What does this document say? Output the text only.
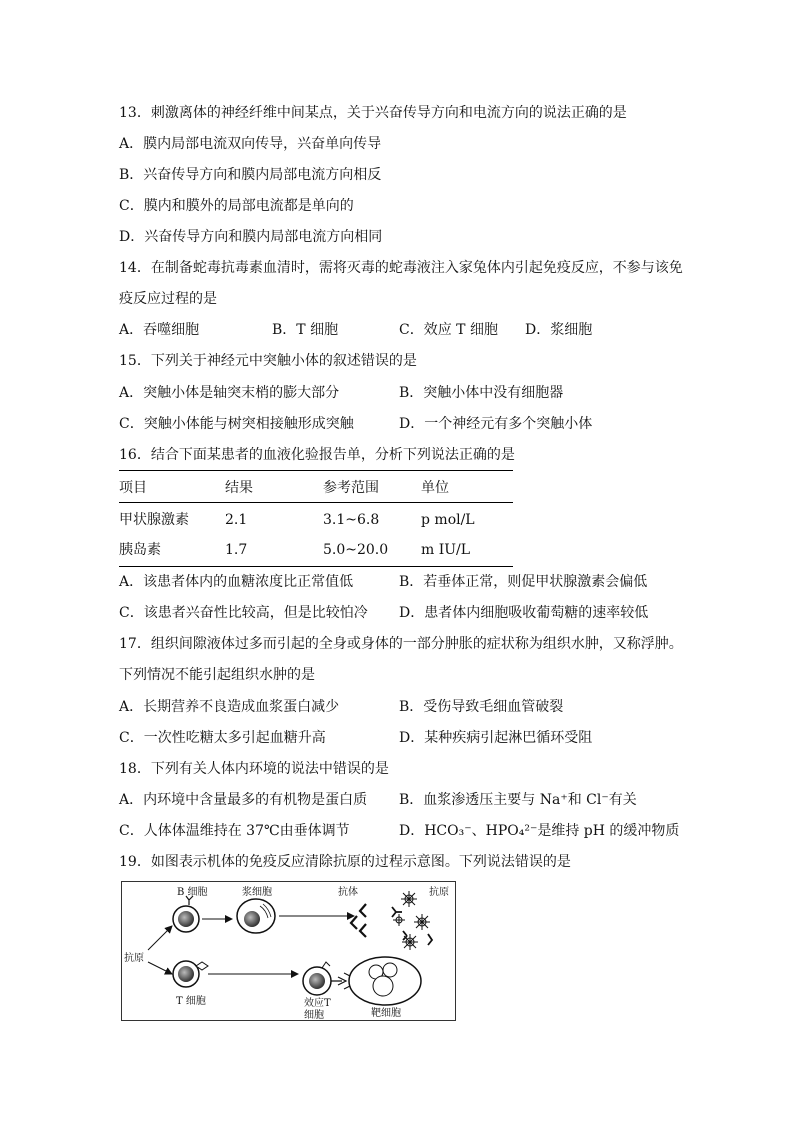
13．刺激离体的神经纤维中间某点，关于兴奋传导方向和电流方向的说法正确的是
A．膜内局部电流双向传导，兴奋单向传导
B．兴奋传导方向和膜内局部电流方向相反
C．膜内和膜外的局部电流都是单向的
D．兴奋传导方向和膜内局部电流方向相同
14．在制备蛇毒抗毒素血清时，需将灭毒的蛇毒液注入家兔体内引起免疫反应，不参与该免
疫反应过程的是
A．吞噬细胞	B．T 细胞	C．效应 T 细胞 D．浆细胞
15．下列关于神经元中突触小体的叙述错误的是
A．突触小体是轴突末梢的膨大部分	B．突触小体中没有细胞器
C．突触小体能与树突相接触形成突触	D．一个神经元有多个突触小体
16．结合下面某患者的血液化验报告单，分析下列说法正确的是
项目	结果	参考范围	单位
甲状腺激素	2.1	3.1~6.8	p mol/L
胰岛素	1.7	5.0~20.0 m IU/L
A．该患者体内的血糖浓度比正常值低	B．若垂体正常，则促甲状腺激素会偏低
C．该患者兴奋性比较高，但是比较怕冷 D．患者体内细胞吸收葡萄糖的速率较低
17．组织间隙液体过多而引起的全身或身体的一部分肿胀的症状称为组织水肿，又称浮肿。
下列情况不能引起组织水肿的是
A．长期营养不良造成血浆蛋白减少	B．受伤导致毛细血管破裂
C．一次性吃糖太多引起血糖升高	D．某种疾病引起淋巴循环受阻
18．下列有关人体内环境的说法中错误的是
A．内环境中含量最多的有机物是蛋白质 B．血浆渗透压主要与 Na⁺和 Cl⁻有关
C．人体体温维持在 37℃由垂体调节	D．HCO₃⁻、HPO₄²⁻是维持 pH 的缓冲物质
19．如图表示机体的免疫反应清除抗原的过程示意图。下列说法错误的是
B 细胞	浆细胞	抗体	抗原
抗原
T 细胞	效应T
细胞	靶细胞
